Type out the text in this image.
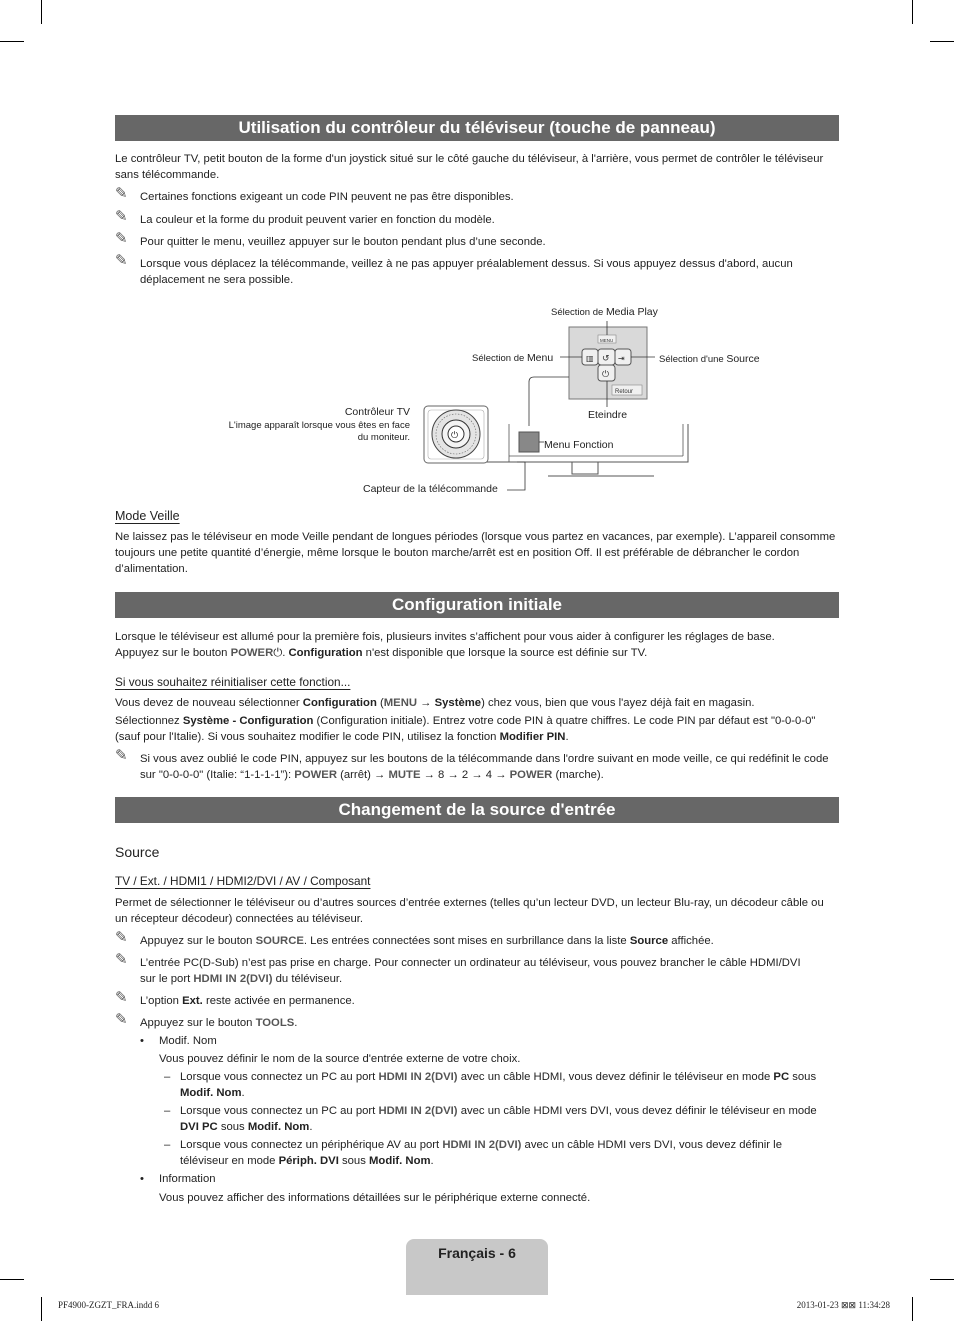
Utilisation du contrôleur du téléviseur (touche de panneau)
Le contrôleur TV, petit bouton de la forme d'un joystick situé sur le côté gauche du téléviseur, à l'arrière, vous permet de contrôler le téléviseur sans télécommande.
✎ Certaines fonctions exigeant un code PIN peuvent ne pas être disponibles.
✎ La couleur et la forme du produit peuvent varier en fonction du modèle.
✎ Pour quitter le menu, veuillez appuyer sur le bouton pendant plus d’une seconde.
✎ Lorsque vous déplacez la télécommande, veillez à ne pas appuyer préalablement dessus. Si vous appuyez dessus d'abord, aucun déplacement ne sera possible.
MENU
Retour
▥ ↺ ⇥
⏻
⏻
Sélection de Media Play
Sélection de Menu	Sélection d'une Source
Contrôleur TV
L'image apparaît lorsque vous êtes en face
du moniteur.
Eteindre
Menu Fonction
Capteur de la télécommande
Mode Veille
Ne laissez pas le téléviseur en mode Veille pendant de longues périodes (lorsque vous partez en vacances, par exemple). L’appareil consomme toujours une petite quantité d’énergie, même lorsque le bouton marche/arrêt est en position Off. Il est préférable de débrancher le cordon d’alimentation.
Configuration initiale
Lorsque le téléviseur est allumé pour la première fois, plusieurs invites s’affichent pour vous aider à configurer les réglages de base.
Appuyez sur le bouton POWER⏻. Configuration n'est disponible que lorsque la source est définie sur TV.
Si vous souhaitez réinitialiser cette fonction...
Vous devez de nouveau sélectionner Configuration (MENU → Système) chez vous, bien que vous l'ayez déjà fait en magasin.
Sélectionnez Système - Configuration (Configuration initiale). Entrez votre code PIN à quatre chiffres. Le code PIN par défaut est "0-0-0-0" (sauf pour l'Italie). Si vous souhaitez modifier le code PIN, utilisez la fonction Modifier PIN.
✎ Si vous avez oublié le code PIN, appuyez sur les boutons de la télécommande dans l'ordre suivant en mode veille, ce qui redéfinit le code sur "0-0-0-0" (Italie: “1-1-1-1”): POWER (arrêt) → MUTE → 8 → 2 → 4 → POWER (marche).
Changement de la source d'entrée
Source
TV / Ext. / HDMI1 / HDMI2/DVI / AV / Composant
Permet de sélectionner le téléviseur ou d’autres sources d’entrée externes (telles qu’un lecteur DVD, un lecteur Blu-ray, un décodeur câble ou un récepteur décodeur) connectées au téléviseur.
✎ Appuyez sur le bouton SOURCE. Les entrées connectées sont mises en surbrillance dans la liste Source affichée.
✎ L’entrée PC(D-Sub) n’est pas prise en charge. Pour connecter un ordinateur au téléviseur, vous pouvez brancher le câble HDMI/DVI sur le port HDMI IN 2(DVI) du téléviseur.
✎ L’option Ext. reste activée en permanence.
✎ Appuyez sur le bouton TOOLS.
• Modif. Nom
Vous pouvez définir le nom de la source d'entrée externe de votre choix.
– Lorsque vous connectez un PC au port HDMI IN 2(DVI) avec un câble HDMI, vous devez définir le téléviseur en mode PC sous Modif. Nom.
– Lorsque vous connectez un PC au port HDMI IN 2(DVI) avec un câble HDMI vers DVI, vous devez définir le téléviseur en mode DVI PC sous Modif. Nom.
– Lorsque vous connectez un périphérique AV au port HDMI IN 2(DVI) avec un câble HDMI vers DVI, vous devez définir le téléviseur en mode Périph. DVI sous Modif. Nom.
• Information
Vous pouvez afficher des informations détaillées sur le périphérique externe connecté.
Français - 6
PF4900-ZGZT_FRA.indd 6	2013-01-23 ⊠⊠ 11:34:28
